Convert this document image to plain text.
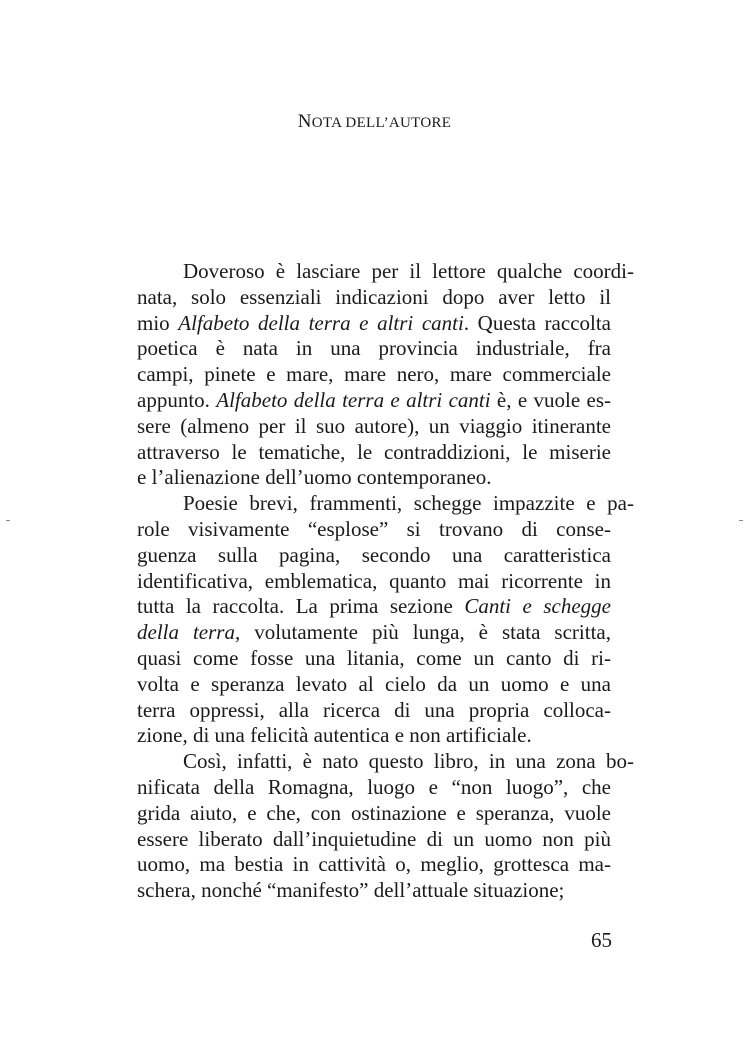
NOTA DELL’AUTORE
Doveroso è lasciare per il lettore qualche coordi-
nata, solo essenziali indicazioni dopo aver letto il
mio Alfabeto della terra e altri canti. Questa raccolta
poetica è nata in una provincia industriale, fra
campi, pinete e mare, mare nero, mare commerciale
appunto. Alfabeto della terra e altri canti è, e vuole es-
sere (almeno per il suo autore), un viaggio itinerante
attraverso le tematiche, le contraddizioni, le miserie
e l’alienazione dell’uomo contemporaneo.
Poesie brevi, frammenti, schegge impazzite e pa-
role visivamente “esplose” si trovano di conse-
guenza sulla pagina, secondo una caratteristica
identificativa, emblematica, quanto mai ricorrente in
tutta la raccolta. La prima sezione Canti e schegge
della terra, volutamente più lunga, è stata scritta,
quasi come fosse una litania, come un canto di ri-
volta e speranza levato al cielo da un uomo e una
terra oppressi, alla ricerca di una propria colloca-
zione, di una felicità autentica e non artificiale.
Così, infatti, è nato questo libro, in una zona bo-
nificata della Romagna, luogo e “non luogo”, che
grida aiuto, e che, con ostinazione e speranza, vuole
essere liberato dall’inquietudine di un uomo non più
uomo, ma bestia in cattività o, meglio, grottesca ma-
schera, nonché “manifesto” dell’attuale situazione;
65
